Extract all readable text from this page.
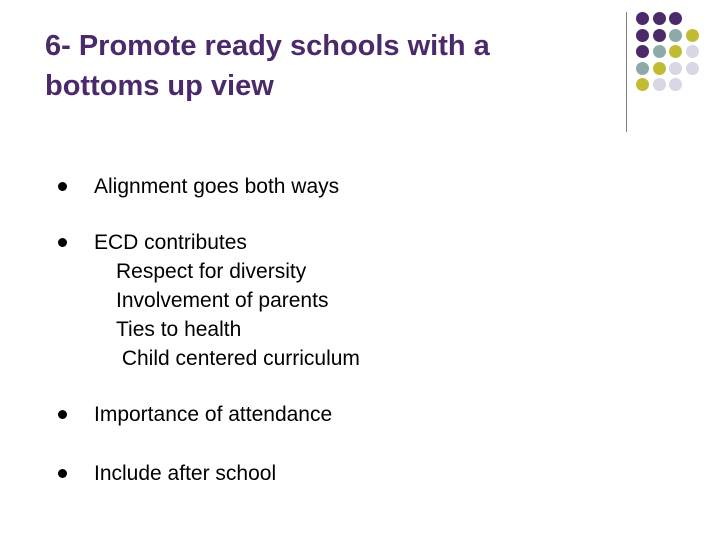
6- Promote ready schools with a
bottoms up view
Alignment goes both ways
ECD contributes
Respect for diversity
Involvement of parents
Ties to health
Child centered curriculum
Importance of attendance
Include after school
